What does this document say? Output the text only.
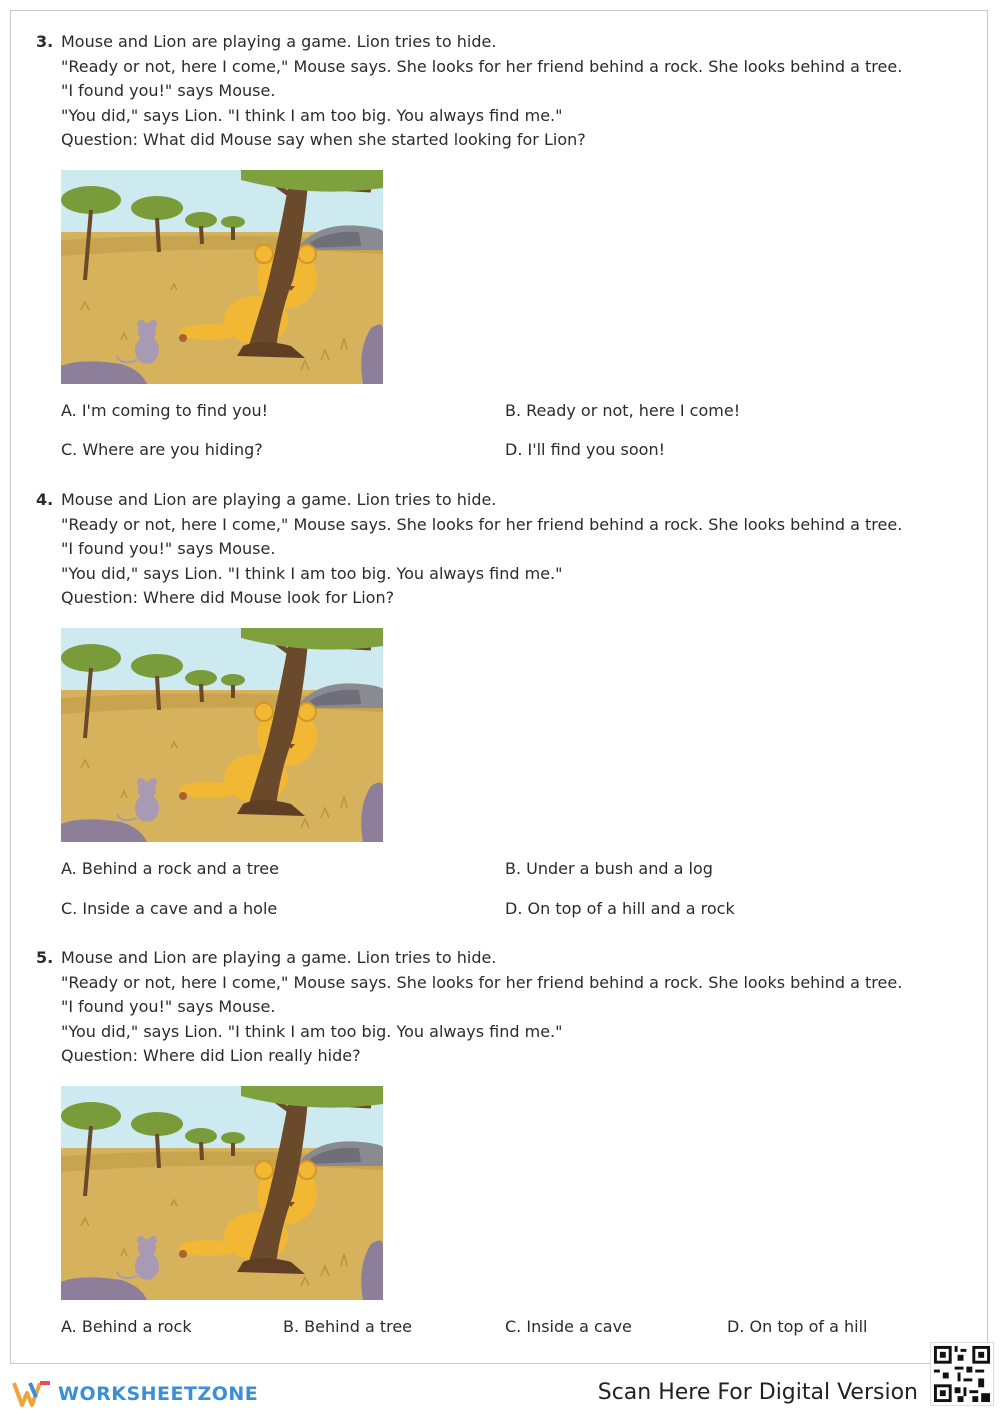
3. Mouse and Lion are playing a game. Lion tries to hide.
"Ready or not, here I come," Mouse says. She looks for her friend behind a rock. She looks behind a tree.
"I found you!" says Mouse.
"You did," says Lion. "I think I am too big. You always find me."
Question: What did Mouse say when she started looking for Lion?
A. I'm coming to find you!	B. Ready or not, here I come!
C. Where are you hiding?	D. I'll find you soon!
4. Mouse and Lion are playing a game. Lion tries to hide.
"Ready or not, here I come," Mouse says. She looks for her friend behind a rock. She looks behind a tree.
"I found you!" says Mouse.
"You did," says Lion. "I think I am too big. You always find me."
Question: Where did Mouse look for Lion?
A. Behind a rock and a tree	B. Under a bush and a log
C. Inside a cave and a hole	D. On top of a hill and a rock
5. Mouse and Lion are playing a game. Lion tries to hide.
"Ready or not, here I come," Mouse says. She looks for her friend behind a rock. She looks behind a tree.
"I found you!" says Mouse.
"You did," says Lion. "I think I am too big. You always find me."
Question: Where did Lion really hide?
A. Behind a rock	B. Behind a tree	C. Inside a cave	D. On top of a hill
WORKSHEETZONE	Scan Here For Digital Version
